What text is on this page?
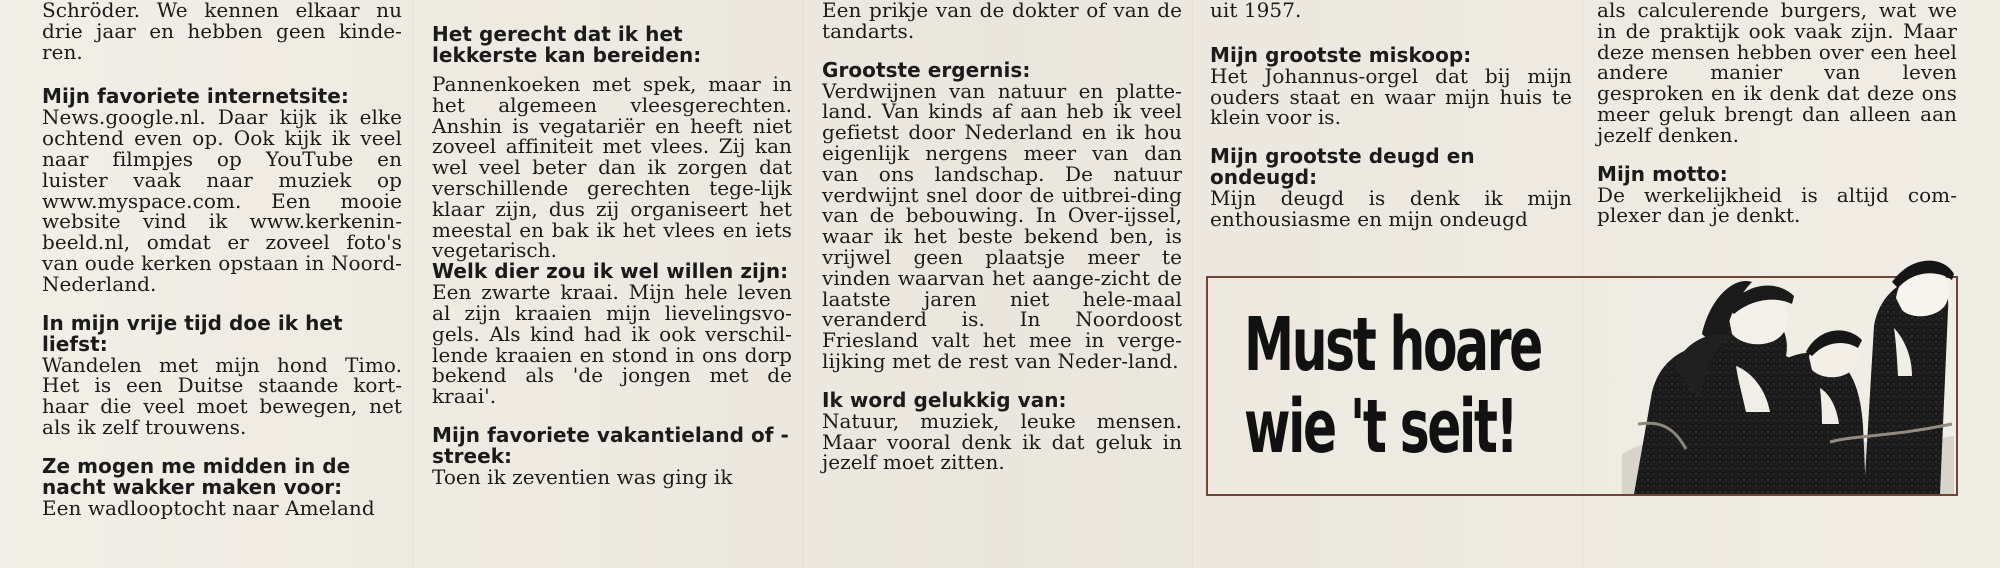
Schröder. We kennen elkaar nu drie jaar en hebben geen kinde-ren.

Mijn favoriete internetsite:

News.google.nl. Daar kijk ik elke ochtend even op. Ook kijk ik veel naar filmpjes op YouTube en luister vaak naar muziek op www.myspace.com. Een mooie website vind ik www.kerkenin-beeld.nl, omdat er zoveel foto's van oude kerken opstaan in Noord-Nederland.

In mijn vrije tijd doe ik het liefst:

Wandelen met mijn hond Timo. Het is een Duitse staande kort-haar die veel moet bewegen, net als ik zelf trouwens.

Ze mogen me midden in de nacht wakker maken voor:

Een wadlooptocht naar Ameland

Het gerecht dat ik het lekkerste kan bereiden:

Pannenkoeken met spek, maar in het algemeen vleesgerechten. Anshin is vegatariër en heeft niet zoveel affiniteit met vlees. Zij kan wel veel beter dan ik zorgen dat verschillende gerechten tege-lijk klaar zijn, dus zij organiseert het meestal en bak ik het vlees en iets vegetarisch.

Welk dier zou ik wel willen zijn:

Een zwarte kraai. Mijn hele leven al zijn kraaien mijn lievelingsvo-gels. Als kind had ik ook verschil-lende kraaien en stond in ons dorp bekend als 'de jongen met de kraai'.

Mijn favoriete vakantieland of - streek:

Toen ik zeventien was ging ik

Een prikje van de dokter of van de tandarts.

Grootste ergernis:

Verdwijnen van natuur en platte-land. Van kinds af aan heb ik veel gefietst door Nederland en ik hou eigenlijk nergens meer van dan van ons landschap. De natuur verdwijnt snel door de uitbrei-ding van de bebouwing. In Over-ijssel, waar ik het beste bekend ben, is vrijwel geen plaatsje meer te vinden waarvan het aange-zicht de laatste jaren niet hele-maal veranderd is. In Noordoost Friesland valt het mee in verge-lijking met de rest van Neder-land.

Ik word gelukkig van:

Natuur, muziek, leuke mensen. Maar vooral denk ik dat geluk in jezelf moet zitten.

uit 1957.

Mijn grootste miskoop:

Het Johannus-orgel dat bij mijn ouders staat en waar mijn huis te klein voor is.

Mijn grootste deugd en ondeugd:

Mijn deugd is denk ik mijn enthousiasme en mijn ondeugd

als calculerende burgers, wat we in de praktijk ook vaak zijn. Maar deze mensen hebben over een heel andere manier van leven gesproken en ik denk dat deze ons meer geluk brengt dan alleen aan jezelf denken.

Mijn motto:

De werkelijkheid is altijd com-plexer dan je denkt.

Must hoare
wie 't seit!
